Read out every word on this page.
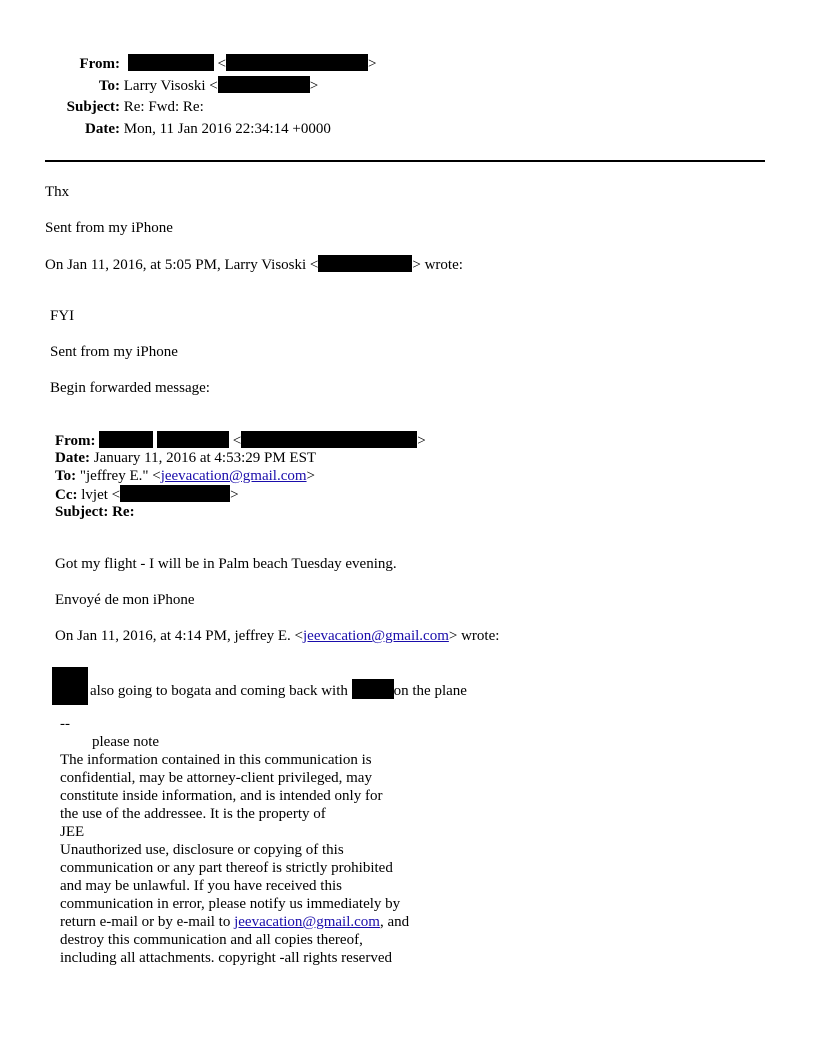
From:	<	>
To: Larry Visoski <	>
Subject: Re: Fwd: Re:
Date: Mon, 11 Jan 2016 22:34:14 +0000
Thx
Sent from my iPhone
On Jan 11, 2016, at 5:05 PM, Larry Visoski <	> wrote:
FYI
Sent from my iPhone
Begin forwarded message:
From:	<	>
Date: January 11, 2016 at 4:53:29 PM EST
To: "jeffrey E." <jeevacation@gmail.com>
Cc: lvjet <	>
Subject: Re:
Got my flight - I will be in Palm beach Tuesday evening.
Envoyé de mon iPhone
On Jan 11, 2016, at 4:14 PM, jeffrey E. <jeevacation@gmail.com> wrote:
also going to bogata and coming back with	on the plane
--
please note
The information contained in this communication is
confidential, may be attorney-client privileged, may
constitute inside information, and is intended only for
the use of the addressee. It is the property of
JEE
Unauthorized use, disclosure or copying of this
communication or any part thereof is strictly prohibited
and may be unlawful. If you have received this
communication in error, please notify us immediately by
return e-mail or by e-mail to jeevacation@gmail.com, and
destroy this communication and all copies thereof,
including all attachments. copyright -all rights reserved
